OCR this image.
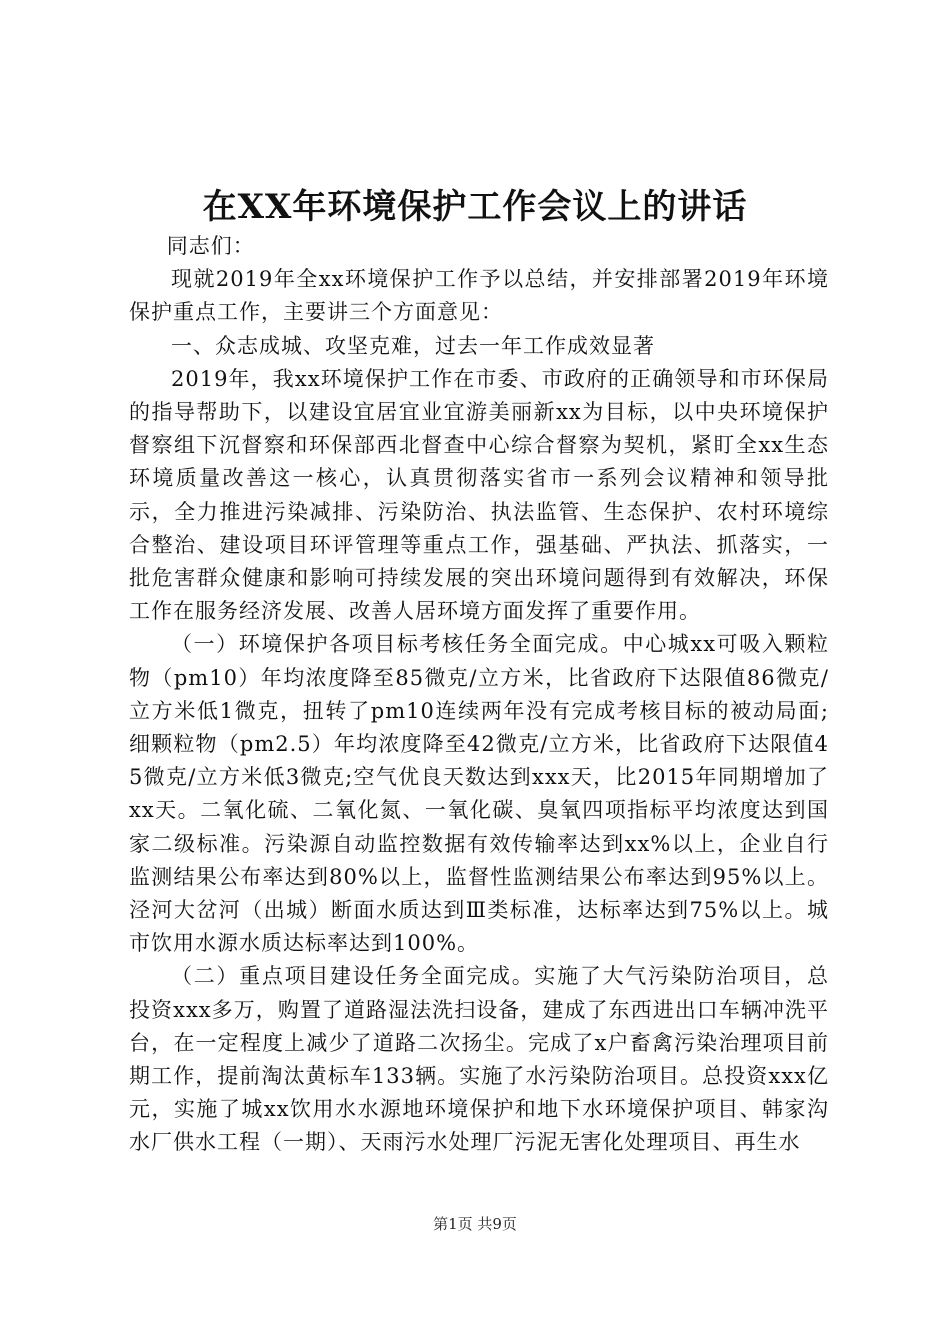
在XX年环境保护工作会议上的讲话

同志们：

现就2019年全xx环境保护工作予以总结，并安排部署2019年环境保护重点工作，主要讲三个方面意见：

一、众志成城、攻坚克难，过去一年工作成效显著

2019年，我xx环境保护工作在市委、市政府的正确领导和市环保局的指导帮助下，以建设宜居宜业宜游美丽新xx为目标，以中央环境保护督察组下沉督察和环保部西北督查中心综合督察为契机，紧盯全xx生态环境质量改善这一核心，认真贯彻落实省市一系列会议精神和领导批示，全力推进污染减排、污染防治、执法监管、生态保护、农村环境综合整治、建设项目环评管理等重点工作，强基础、严执法、抓落实，一批危害群众健康和影响可持续发展的突出环境问题得到有效解决，环保工作在服务经济发展、改善人居环境方面发挥了重要作用。

（一）环境保护各项目标考核任务全面完成。中心城xx可吸入颗粒物（pm10）年均浓度降至85微克/立方米，比省政府下达限值86微克/立方米低1微克，扭转了pm10连续两年没有完成考核目标的被动局面;细颗粒物（pm2.5）年均浓度降至42微克/立方米，比省政府下达限值45微克/立方米低3微克;空气优良天数达到xxx天，比2015年同期增加了xx天。二氧化硫、二氧化氮、一氧化碳、臭氧四项指标平均浓度达到国家二级标准。污染源自动监控数据有效传输率达到xx%以上，企业自行监测结果公布率达到80%以上，监督性监测结果公布率达到95%以上。泾河大岔河（出城）断面水质达到Ⅲ类标准，达标率达到75%以上。城市饮用水源水质达标率达到100%。

（二）重点项目建设任务全面完成。实施了大气污染防治项目，总投资xxx多万，购置了道路湿法洗扫设备，建成了东西进出口车辆冲洗平台，在一定程度上减少了道路二次扬尘。完成了x户畜禽污染治理项目前期工作，提前淘汰黄标车133辆。实施了水污染防治项目。总投资xxx亿元，实施了城xx饮用水水源地环境保护和地下水环境保护项目、韩家沟水厂供水工程（一期）、天雨污水处理厂污泥无害化处理项目、再生水

第1页 共9页
